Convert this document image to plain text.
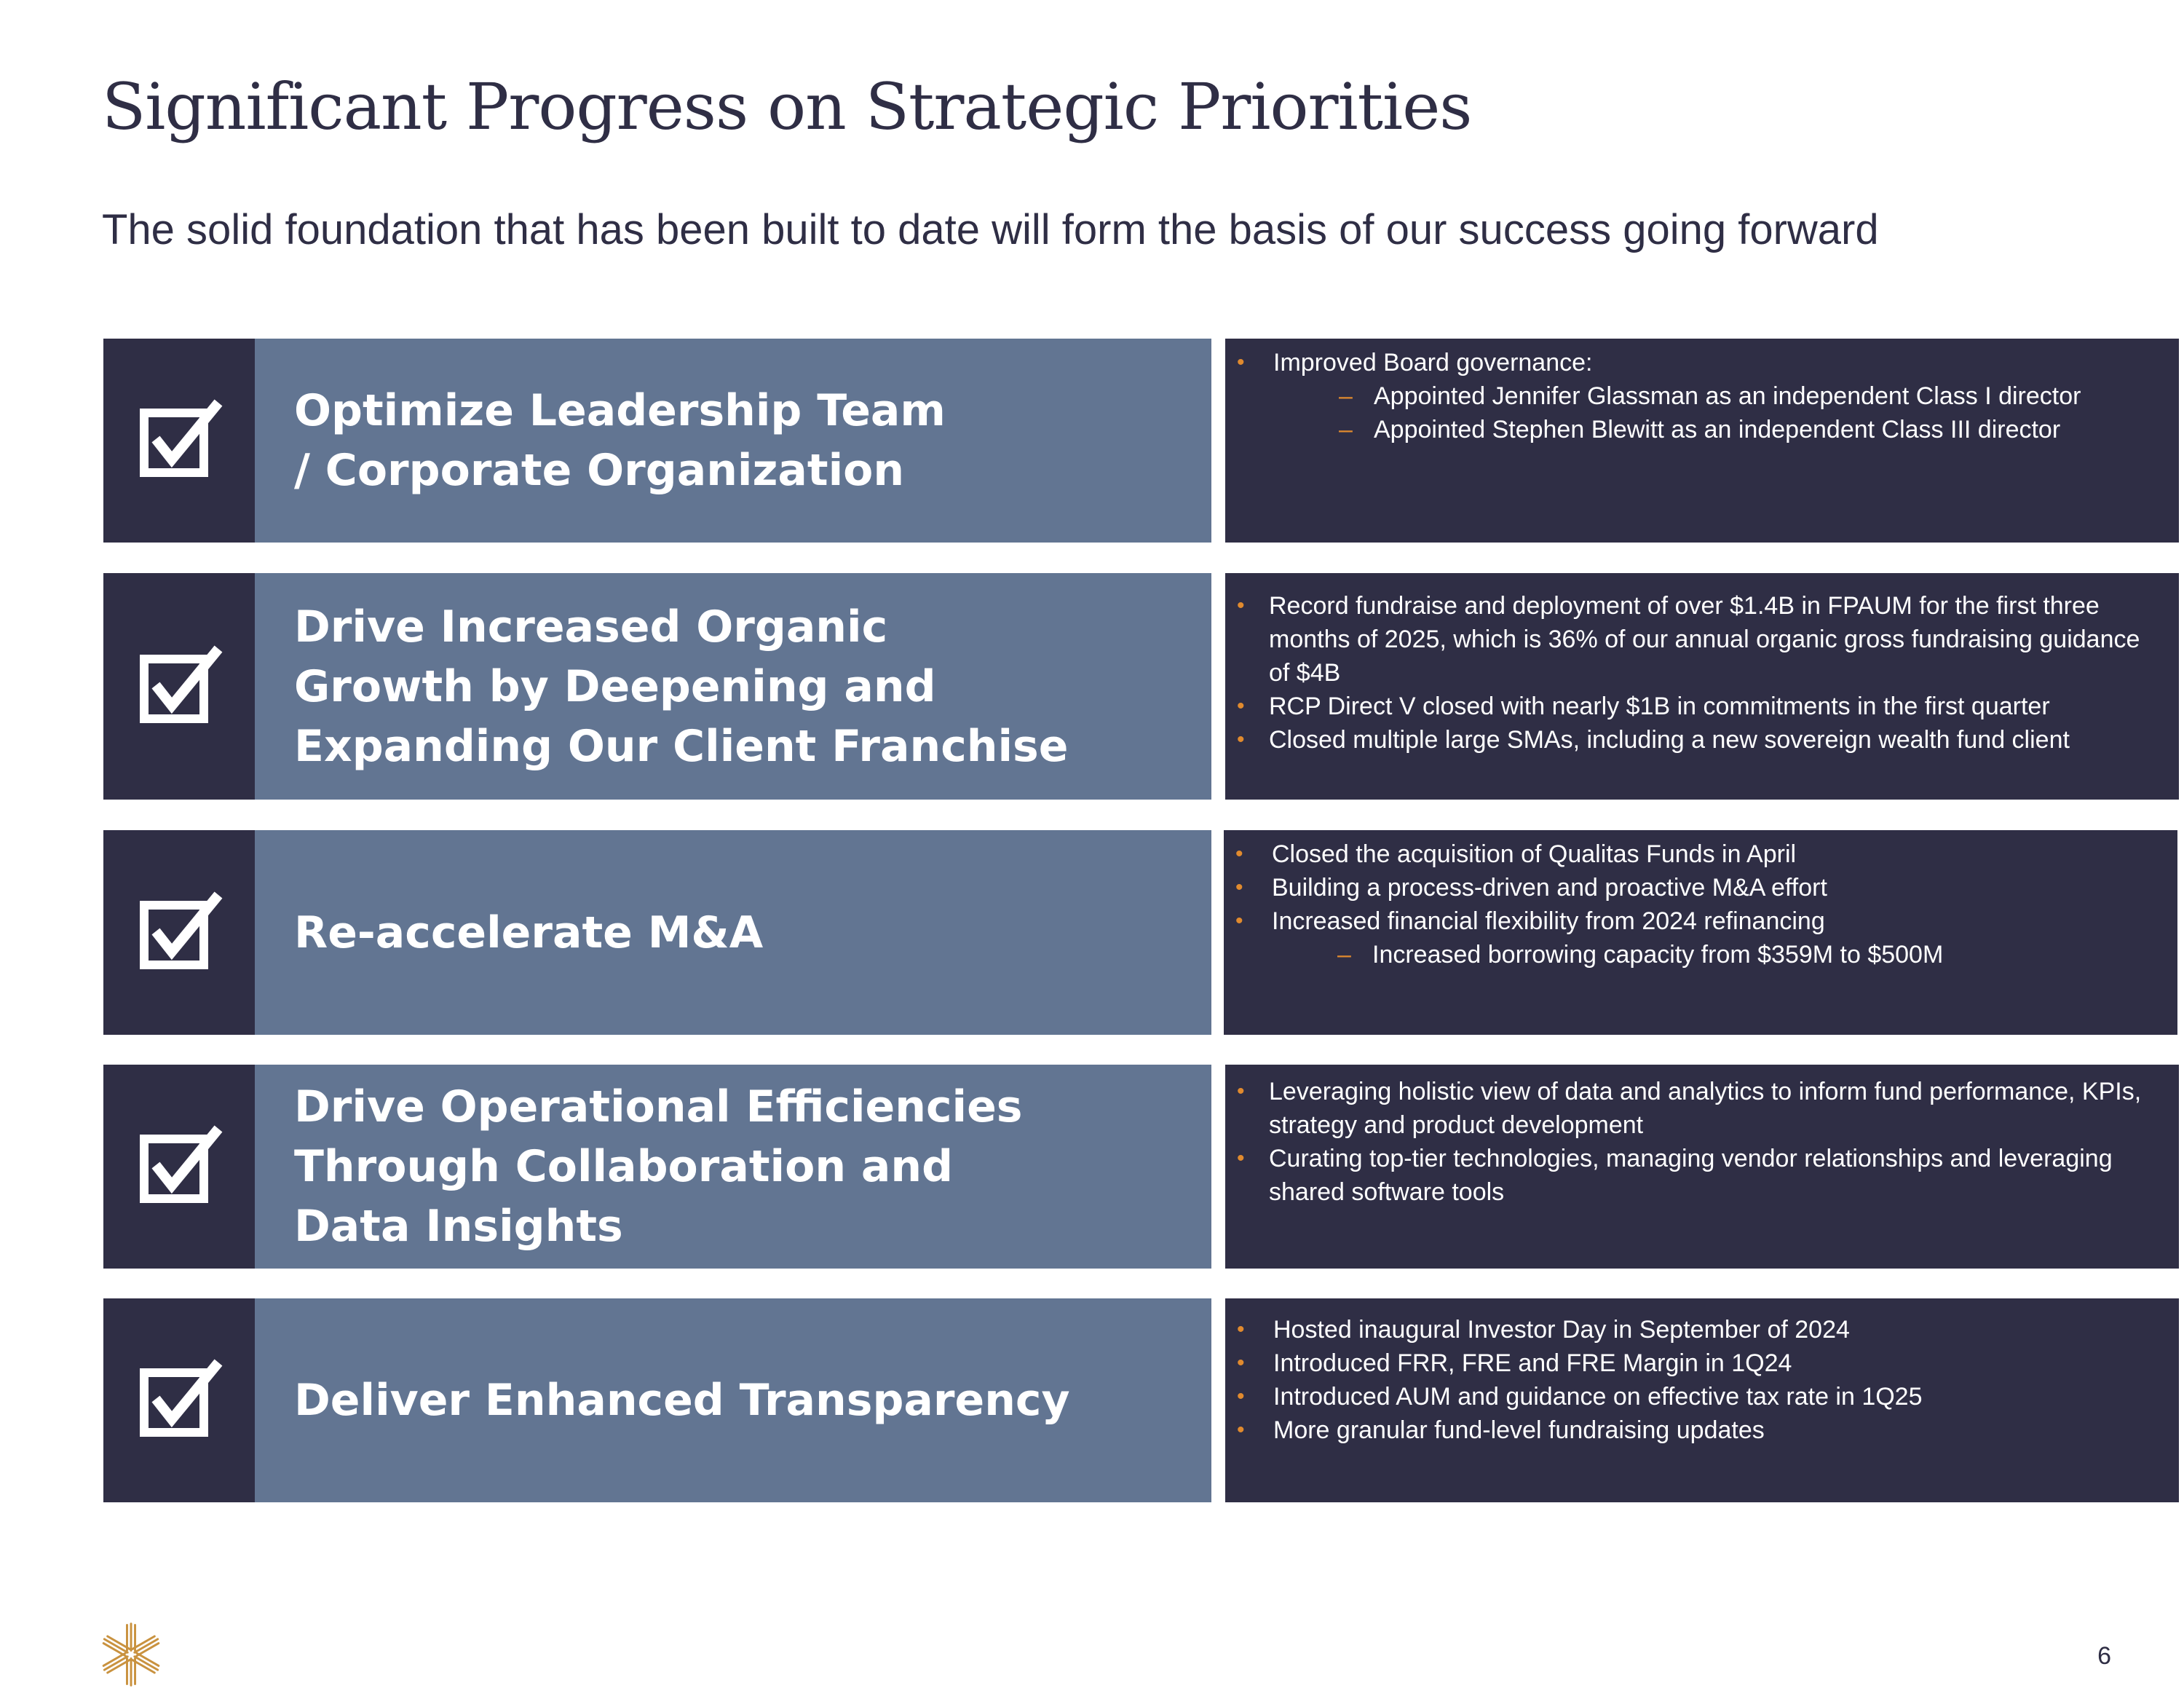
Significant Progress on Strategic Priorities
The solid foundation that has been built to date will form the basis of our success going forward
Optimize Leadership Team / Corporate Organization
• Improved Board governance:
– Appointed Jennifer Glassman as an independent Class I director
– Appointed Stephen Blewitt as an independent Class III director
Drive Increased Organic Growth by Deepening and Expanding Our Client Franchise
• Record fundraise and deployment of over $1.4B in FPAUM for the first three months of 2025, which is 36% of our annual organic gross fundraising guidance of $4B
• RCP Direct V closed with nearly $1B in commitments in the first quarter
• Closed multiple large SMAs, including a new sovereign wealth fund client
Re-accelerate M&A
• Closed the acquisition of Qualitas Funds in April
• Building a process-driven and proactive M&A effort
• Increased financial flexibility from 2024 refinancing
– Increased borrowing capacity from $359M to $500M
Drive Operational Efficiencies Through Collaboration and Data Insights
• Leveraging holistic view of data and analytics to inform fund performance, KPIs, strategy and product development
• Curating top-tier technologies, managing vendor relationships and leveraging shared software tools
Deliver Enhanced Transparency
• Hosted inaugural Investor Day in September of 2024
• Introduced FRR, FRE and FRE Margin in 1Q24
• Introduced AUM and guidance on effective tax rate in 1Q25
• More granular fund-level fundraising updates
6
